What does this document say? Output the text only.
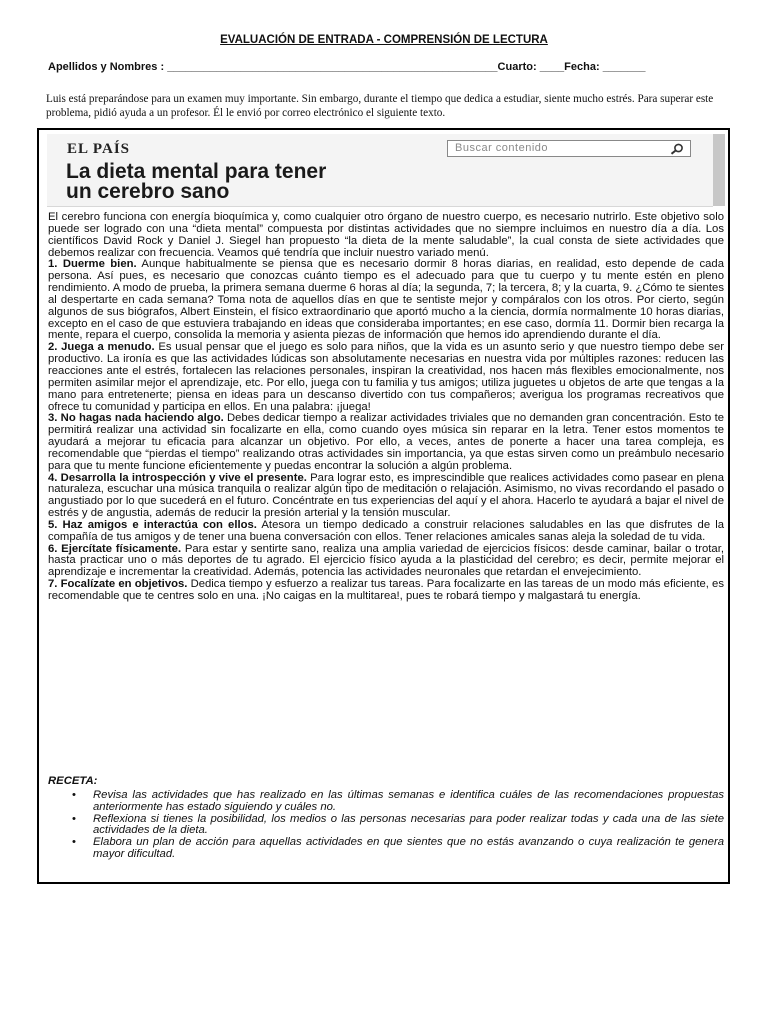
EVALUACIÓN DE ENTRADA - COMPRENSIÓN DE LECTURA
Apellidos y Nombres : ______________________________________________________Cuarto: ____Fecha: _______
Luis está preparándose para un examen muy importante. Sin embargo, durante el tiempo que dedica a estudiar, siente mucho estrés. Para superar este problema, pidió ayuda a un profesor. Él le envió por correo electrónico el siguiente texto.
EL PAÍS	Buscar contenido
La dieta mental para tener
un cerebro sano

El cerebro funciona con energía bioquímica y, como cualquier otro órgano de nuestro cuerpo, es necesario nutrirlo. Este objetivo solo puede ser logrado con una “dieta mental” compuesta por distintas actividades que no siempre incluimos en nuestro día a día. Los científicos David Rock y Daniel J. Siegel han propuesto “la dieta de la mente saludable”, la cual consta de siete actividades que debemos realizar con frecuencia. Veamos qué tendría que incluir nuestro variado menú.

1. Duerme bien. Aunque habitualmente se piensa que es necesario dormir 8 horas diarias, en realidad, esto depende de cada persona. Así pues, es necesario que conozcas cuánto tiempo es el adecuado para que tu cuerpo y tu mente estén en pleno rendimiento. A modo de prueba, la primera semana duerme 6 horas al día; la segunda, 7; la tercera, 8; y la cuarta, 9. ¿Cómo te sientes al despertarte en cada semana? Toma nota de aquellos días en que te sentiste mejor y compáralos con los otros. Por cierto, según algunos de sus biógrafos, Albert Einstein, el físico extraordinario que aportó mucho a la ciencia, dormía normalmente 10 horas diarias, excepto en el caso de que estuviera trabajando en ideas que consideraba importantes; en ese caso, dormía 11. Dormir bien recarga la mente, repara el cuerpo, consolida la memoria y asienta piezas de información que hemos ido aprendiendo durante el día.

2. Juega a menudo. Es usual pensar que el juego es solo para niños, que la vida es un asunto serio y que nuestro tiempo debe ser productivo. La ironía es que las actividades lúdicas son absolutamente necesarias en nuestra vida por múltiples razones: reducen las reacciones ante el estrés, fortalecen las relaciones personales, inspiran la creatividad, nos hacen más flexibles emocionalmente, nos permiten asimilar mejor el aprendizaje, etc. Por ello, juega con tu familia y tus amigos; utiliza juguetes u objetos de arte que tengas a la mano para entretenerte; piensa en ideas para un descanso divertido con tus compañeros; averigua los programas recreativos que ofrece tu comunidad y participa en ellos. En una palabra: ¡juega!

3. No hagas nada haciendo algo. Debes dedicar tiempo a realizar actividades triviales que no demanden gran concentración. Esto te permitirá realizar una actividad sin focalizarte en ella, como cuando oyes música sin reparar en la letra. Tener estos momentos te ayudará a mejorar tu eficacia para alcanzar un objetivo. Por ello, a veces, antes de ponerte a hacer una tarea compleja, es recomendable que “pierdas el tiempo” realizando otras actividades sin importancia, ya que estas sirven como un preámbulo necesario para que tu mente funcione eficientemente y puedas encontrar la solución a algún problema.

4. Desarrolla la introspección y vive el presente. Para lograr esto, es imprescindible que realices actividades como pasear en plena naturaleza, escuchar una música tranquila o realizar algún tipo de meditación o relajación. Asimismo, no vivas recordando el pasado o angustiado por lo que sucederá en el futuro. Concéntrate en tus experiencias del aquí y el ahora. Hacerlo te ayudará a bajar el nivel de estrés y de angustia, además de reducir la presión arterial y la tensión muscular.

5. Haz amigos e interactúa con ellos. Atesora un tiempo dedicado a construir relaciones saludables en las que disfrutes de la compañía de tus amigos y de tener una buena conversación con ellos. Tener relaciones amicales sanas aleja la soledad de tu vida.

6. Ejercítate físicamente. Para estar y sentirte sano, realiza una amplia variedad de ejercicios físicos: desde caminar, bailar o trotar, hasta practicar uno o más deportes de tu agrado. El ejercicio físico ayuda a la plasticidad del cerebro; es decir, permite mejorar el aprendizaje e incrementar la creatividad. Además, potencia las actividades neuronales que retardan el envejecimiento.

7. Focalízate en objetivos. Dedica tiempo y esfuerzo a realizar tus tareas. Para focalizarte en las tareas de un modo más eficiente, es recomendable que te centres solo en una. ¡No caigas en la multitarea!, pues te robará tiempo y malgastará tu energía.

RECETA:
• Revisa las actividades que has realizado en las últimas semanas e identifica cuáles de las recomendaciones propuestas anteriormente has estado siguiendo y cuáles no.
• Reflexiona si tienes la posibilidad, los medios o las personas necesarias para poder realizar todas y cada una de las siete actividades de la dieta.
• Elabora un plan de acción para aquellas actividades en que sientes que no estás avanzando o cuya realización te genera mayor dificultad.
